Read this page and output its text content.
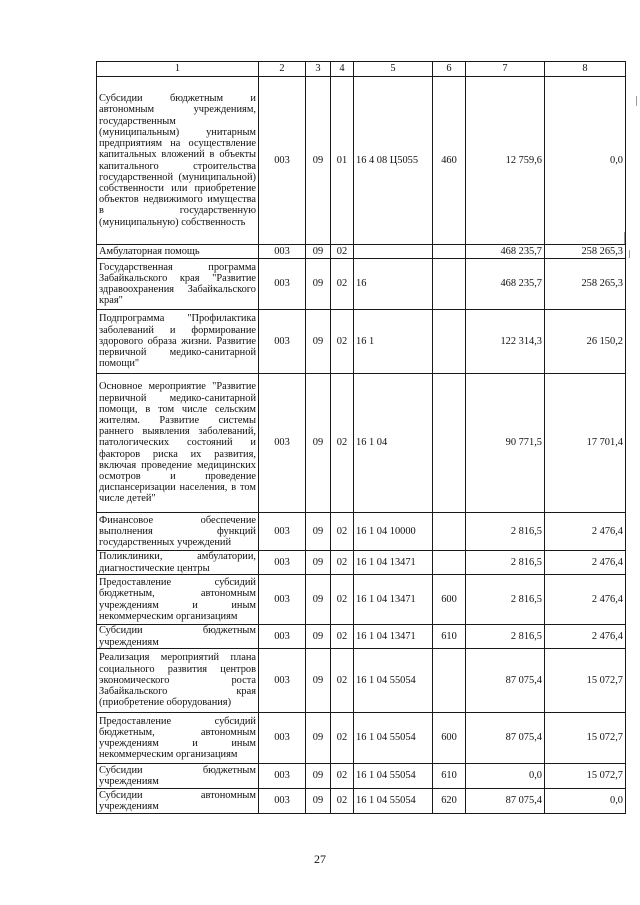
1	2	3	4	5	6	7	8
Субсидии бюджетным и автономным учреждениям, государственным (муниципальным) унитарным предприятиям на осуществление капитальных вложений в объекты капитального строительства государственной (муниципальной) собственности или приобретение объектов недвижимого имущества в государственную (муниципальную) собственность	003	09	01	16 4 08 Ц5055	460	12 759,6	0,0
Амбулаторная помощь	003	09	02			468 235,7	258 265,3
Государственная программа Забайкальского края "Развитие здравоохранения Забайкальского края"	003	09	02	16		468 235,7	258 265,3
Подпрограмма "Профилактика заболеваний и формирование здорового образа жизни. Развитие первичной медико-санитарной помощи"	003	09	02	16 1		122 314,3	26 150,2
Основное мероприятие "Развитие первичной медико-санитарной помощи, в том числе сельским жителям. Развитие системы раннего выявления заболеваний, патологических состояний и факторов риска их развития, включая проведение медицинских осмотров и проведение диспансеризации населения, в том числе детей"	003	09	02	16 1 04		90 771,5	17 701,4
Финансовое обеспечение выполнения функций государственных учреждений	003	09	02	16 1 04 10000		2 816,5	2 476,4
Поликлиники, амбулатории, диагностические центры	003	09	02	16 1 04 13471		2 816,5	2 476,4
Предоставление субсидий бюджетным, автономным учреждениям и иным некоммерческим организациям	003	09	02	16 1 04 13471	600	2 816,5	2 476,4
Субсидии бюджетным учреждениям	003	09	02	16 1 04 13471	610	2 816,5	2 476,4
Реализация мероприятий плана социального развития центров экономического роста Забайкальского края (приобретение оборудования)	003	09	02	16 1 04 55054		87 075,4	15 072,7
Предоставление субсидий бюджетным, автономным учреждениям и иным некоммерческим организациям	003	09	02	16 1 04 55054	600	87 075,4	15 072,7
Субсидии бюджетным учреждениям	003	09	02	16 1 04 55054	610	0,0	15 072,7
Субсидии автономным учреждениям	003	09	02	16 1 04 55054	620	87 075,4	0,0
27
